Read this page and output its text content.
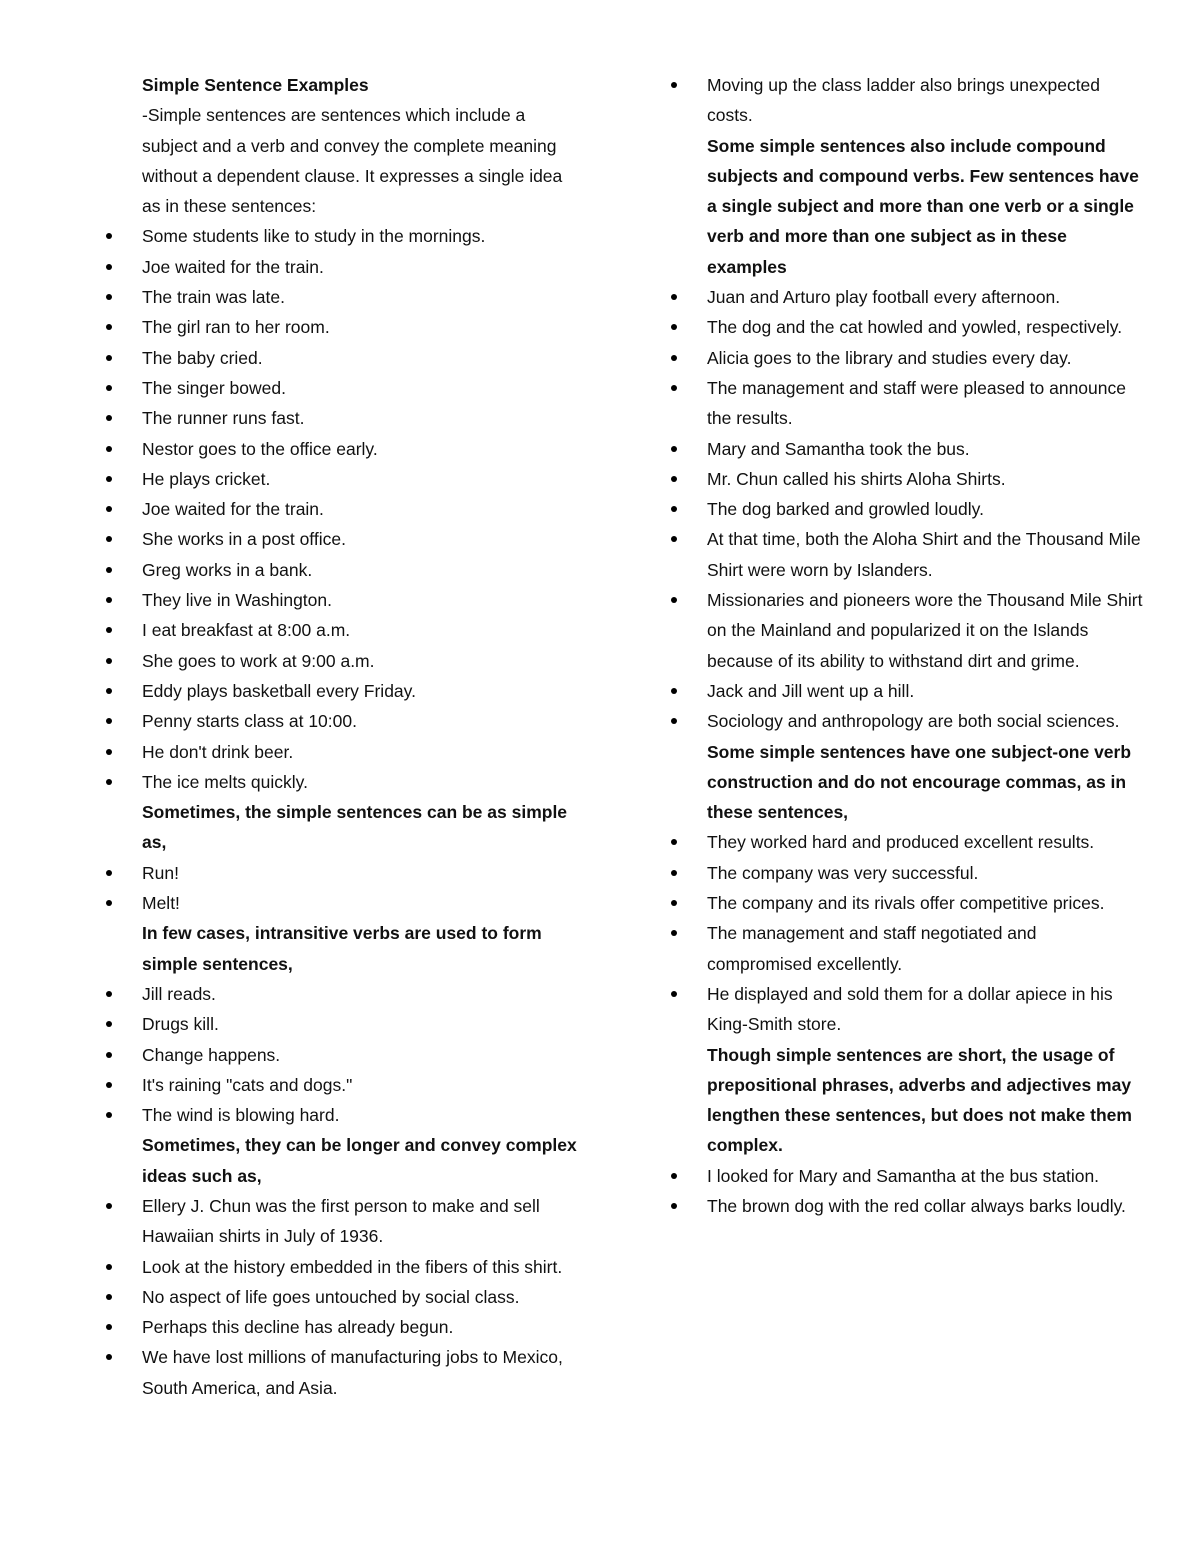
Simple Sentence Examples

-Simple sentences are sentences which include a subject and a verb and convey the complete meaning without a dependent clause. It expresses a single idea as in these sentences:

Some students like to study in the mornings.

Joe waited for the train.

The train was late.

The girl ran to her room.

The baby cried.

The singer bowed.

The runner runs fast.

Nestor goes to the office early.

He plays cricket.

Joe waited for the train.

She works in a post office.

Greg works in a bank.

They live in Washington.

I eat breakfast at 8:00 a.m.

She goes to work at 9:00 a.m.

Eddy plays basketball every Friday.

Penny starts class at 10:00.

He don't drink beer.

The ice melts quickly.

Sometimes, the simple sentences can be as simple as,

Run!

Melt!

In few cases, intransitive verbs are used to form simple sentences,

Jill reads.

Drugs kill.

Change happens.

It's raining "cats and dogs."

The wind is blowing hard.

Sometimes, they can be longer and convey complex ideas such as,

Ellery J. Chun was the first person to make and sell Hawaiian shirts in July of 1936.

Look at the history embedded in the fibers of this shirt.

No aspect of life goes untouched by social class.

Perhaps this decline has already begun.

We have lost millions of manufacturing jobs to Mexico, South America, and Asia.

Moving up the class ladder also brings unexpected costs.

Some simple sentences also include compound subjects and compound verbs. Few sentences have a single subject and more than one verb or a single verb and more than one subject as in these examples

Juan and Arturo play football every afternoon.

The dog and the cat howled and yowled, respectively.

Alicia goes to the library and studies every day.

The management and staff were pleased to announce the results.

Mary and Samantha took the bus.

Mr. Chun called his shirts Aloha Shirts.

The dog barked and growled loudly.

At that time, both the Aloha Shirt and the Thousand Mile Shirt were worn by Islanders.

Missionaries and pioneers wore the Thousand Mile Shirt on the Mainland and popularized it on the Islands because of its ability to withstand dirt and grime.

Jack and Jill went up a hill.

Sociology and anthropology are both social sciences.

Some simple sentences have one subject-one verb construction and do not encourage commas, as in these sentences,

They worked hard and produced excellent results.

The company was very successful.

The company and its rivals offer competitive prices.

The management and staff negotiated and compromised excellently.

He displayed and sold them for a dollar apiece in his King-Smith store.

Though simple sentences are short, the usage of prepositional phrases, adverbs and adjectives may lengthen these sentences, but does not make them complex.

I looked for Mary and Samantha at the bus station.

The brown dog with the red collar always barks loudly.
